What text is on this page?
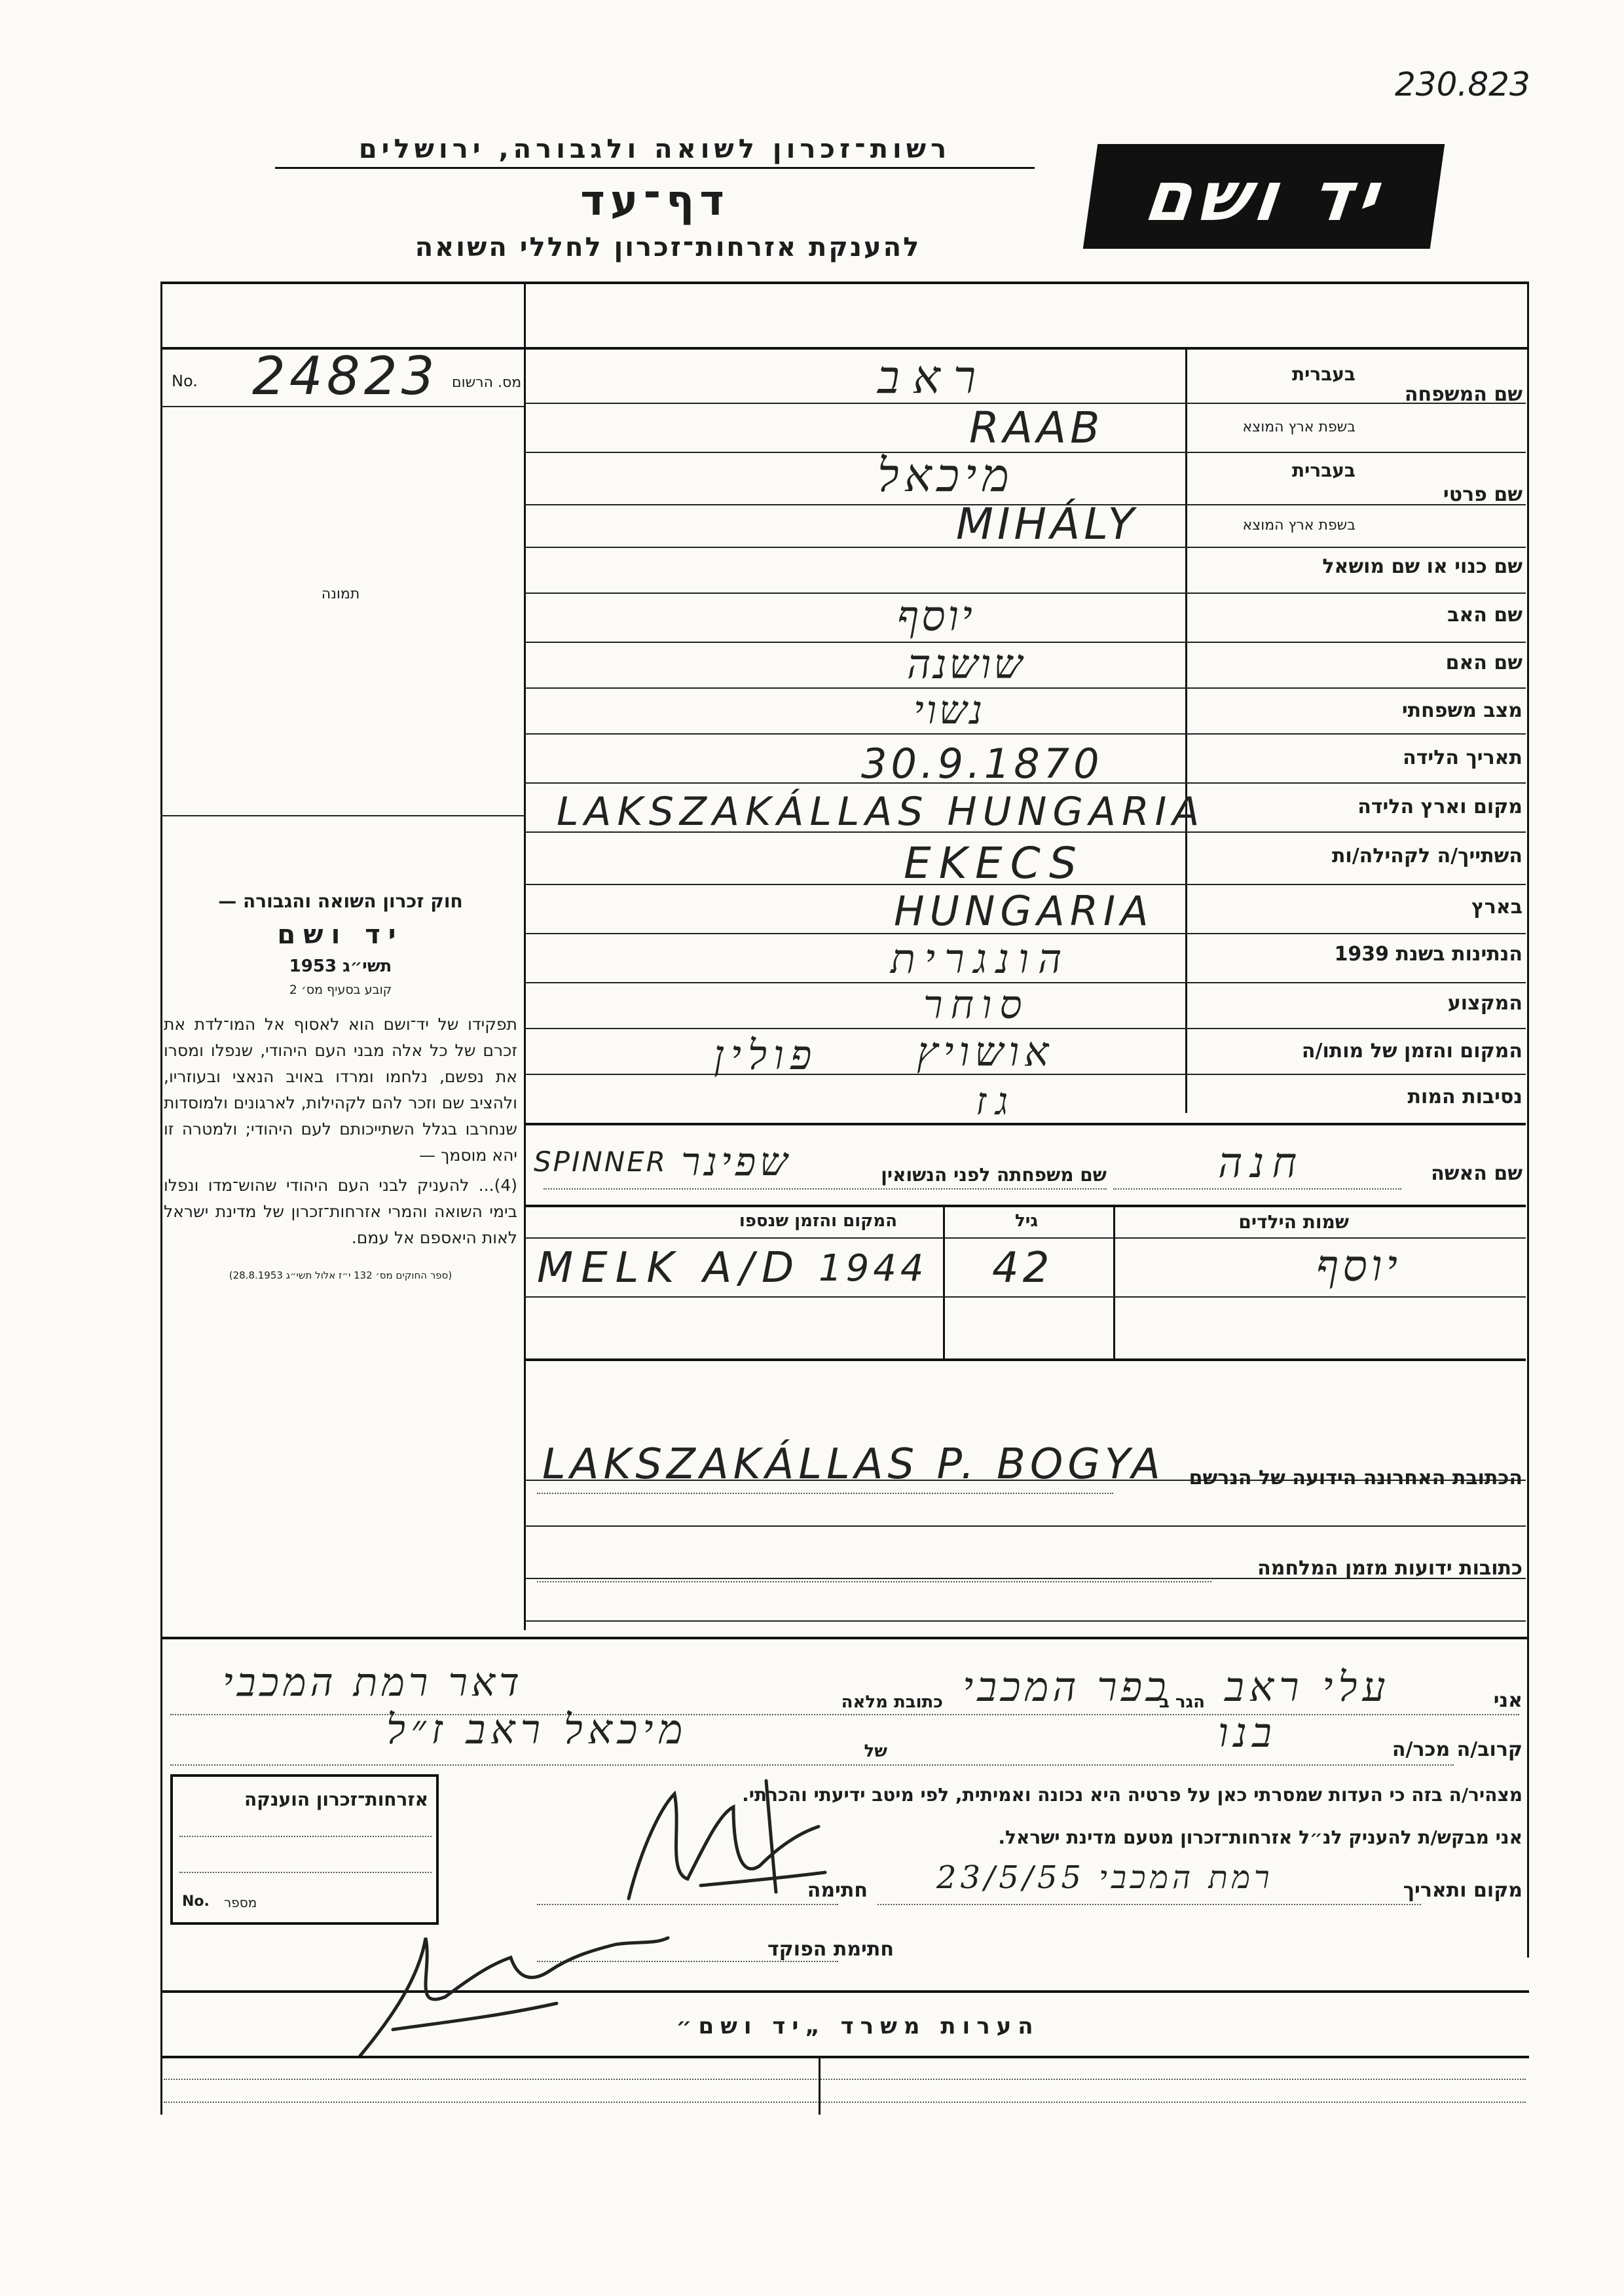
230.823
רשות־זכרון לשואה ולגבורה, ירושלים
דף־עד
להענקת אזרחות־זכרון לחללי השואה
יד ושם
No. 24823 מס. הרשום
תמונה
חוק זכרון השואה והגבורה —
יד ושם
תשי״ג 1953
קובע בסעיף מס׳ 2
תפקידו של יד־ושם הוא לאסוף אל המו־לדת את זכרם של כל אלה מבני העם היהודי, שנפלו ומסרו את נפשם, נלחמו ומרדו באויב הנאצי ובעוזריו, ולהציב שם וזכר להם לקהילות, לארגונים ולמוסדות שנחרבו בגלל השתייכותם לעם היהודי; ולמטרה זו יהא מוסמך —
(4)... להעניק לבני העם היהודי שהוש־מדו ונפלו בימי השואה והמרי אזרחות־זכרון של מדינת ישראל לאות היאספם אל עמם.
(ספר החוקים מס׳ 132 י״ז אלול תשי״ג 28.8.1953)
שם המשפחה
בעברית
בשפת ארץ המוצא
שם פרטי
בעברית
בשפת ארץ המוצא
שם כנוי או שם מושאל
שם האב
שם האם
מצב משפחתי
תאריך הלידה
מקום וארץ הלידה
השתייך/ה לקהילה/ות
בארץ
הנתינות בשנת 1939
המקצוע
המקום והזמן של מותו/ה
נסיבות המות
ראב
RAAB
מיכאל
MIHÁLY
יוסף
שושנה
נשוי
30.9.1870
LAKSZAKÁLLAS HUNGARIA
EKECS
HUNGARIA
הונגרית
סוחר
אושויץ
פולין
גז
שם האשה
חנה
שם משפחתה לפני הנשואין
SPINNER שפינר
שמות הילדים
גיל
המקום והזמן שנספו
יוסף
42
MELK A/D 1944
הכתובת האחרונה הידועה של הנרשם
LAKSZAKÁLLAS P. BOGYA
כתובות ידועות מזמן המלחמה
אני
עלי ראב
הגר ב
כפר המכבי
כתובת מלאה
דאר רמת המכבי
קרוב/ה מכר/ה
בנו
של
מיכאל ראב ז״ל
מצהיר/ה בזה כי העדות שמסרתי כאן על פרטיה היא נכונה ואמיתית, לפי מיטב ידיעתי והכרתי.
אני מבקש/ת להעניק לנ״ל אזרחות־זכרון מטעם מדינת ישראל.
מקום ותאריך
רמת המכבי 23/5/55
חתימה
חתימת הפוקד
אזרחות־זכרון הוענקה
No. מספר
הערות משרד „יד ושם״
